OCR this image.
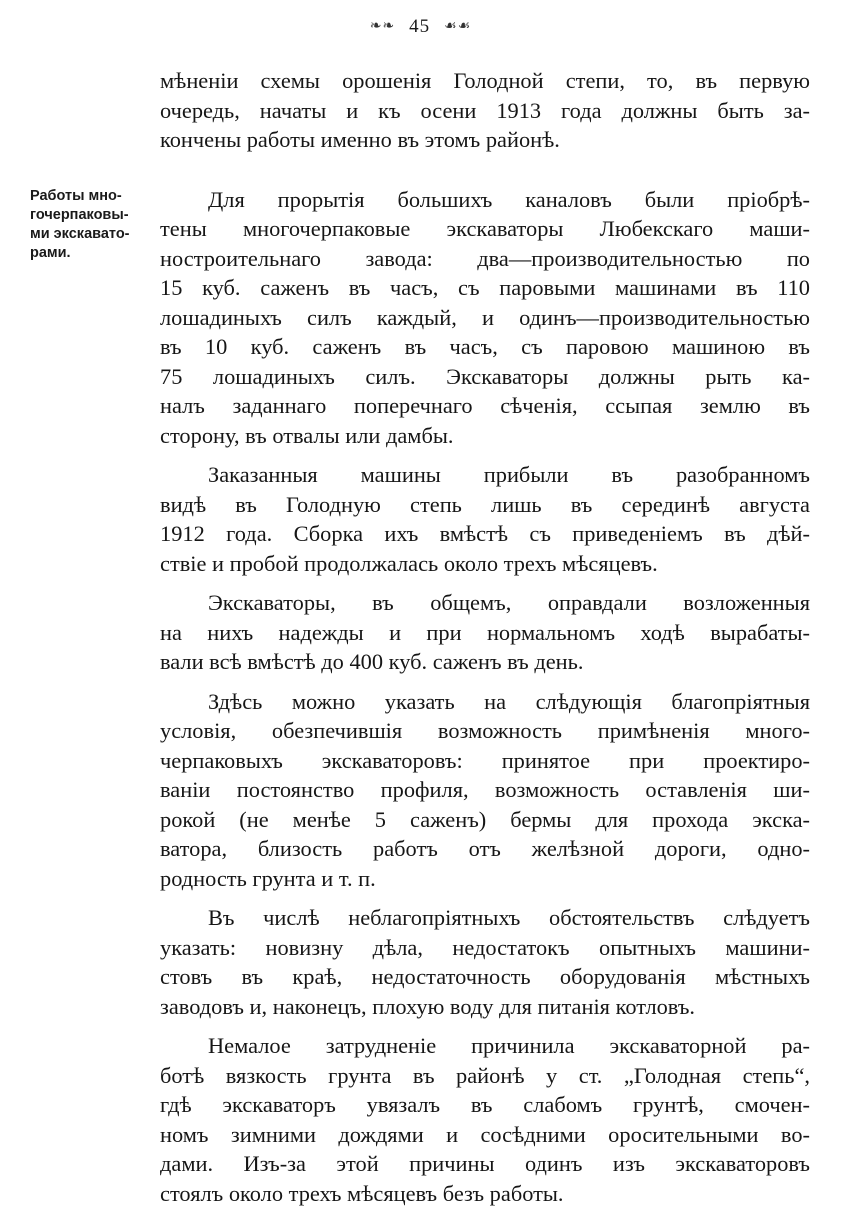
❧❧ 45 ☙☙
Работы мно-
гочерпаковы-
ми экскавато-
рами.
мѣненіи схемы орошенія Голодной степи, то, въ первую
очередь, начаты и къ осени 1913 года должны быть за-
кончены работы именно въ этомъ районѣ.
Для прорытія большихъ каналовъ были пріобрѣ-
тены многочерпаковые экскаваторы Любекскаго маши-
ностроительнаго завода: два—производительностью по
15 куб. саженъ въ часъ, съ паровыми машинами въ 110
лошадиныхъ силъ каждый, и одинъ—производительностью
въ 10 куб. саженъ въ часъ, съ паровою машиною въ
75 лошадиныхъ силъ. Экскаваторы должны рыть ка-
налъ заданнаго поперечнаго сѣченія, ссыпая землю въ
сторону, въ отвалы или дамбы.
Заказанныя машины прибыли въ разобранномъ
видѣ въ Голодную степь лишь въ серединѣ августа
1912 года. Сборка ихъ вмѣстѣ съ приведеніемъ въ дѣй-
ствіе и пробой продолжалась около трехъ мѣсяцевъ.
Экскаваторы, въ общемъ, оправдали возложенныя
на нихъ надежды и при нормальномъ ходѣ вырабаты-
вали всѣ вмѣстѣ до 400 куб. саженъ въ день.
Здѣсь можно указать на слѣдующія благопріятныя
условія, обезпечившія возможность примѣненія много-
черпаковыхъ экскаваторовъ: принятое при проектиро-
ваніи постоянство профиля, возможность оставленія ши-
рокой (не менѣе 5 саженъ) бермы для прохода экска-
ватора, близость работъ отъ желѣзной дороги, одно-
родность грунта и т. п.
Въ числѣ неблагопріятныхъ обстоятельствъ слѣдуетъ
указать: новизну дѣла, недостатокъ опытныхъ машини-
стовъ въ краѣ, недостаточность оборудованія мѣстныхъ
заводовъ и, наконецъ, плохую воду для питанія котловъ.
Немалое затрудненіе причинила экскаваторной ра-
ботѣ вязкость грунта въ районѣ у ст. „Голодная степь“,
гдѣ экскаваторъ увязалъ въ слабомъ грунтѣ, смочен-
номъ зимними дождями и сосѣдними оросительными во-
дами. Изъ-за этой причины одинъ изъ экскаваторовъ
стоялъ около трехъ мѣсяцевъ безъ работы.
